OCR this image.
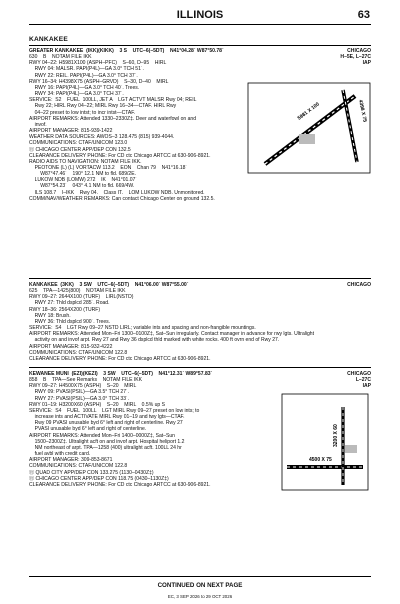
ILLINOIS	63
KANKAKEE
GREATER KANKAKEE  (IKK)(KIKK)    3 S    UTC–6(–5DT)    N41°04.28´ W87°50.78´	CHICAGO
H–5E, L–27C
IAP
630    B    NOTAM FILE IKK
RWY 04–22: H5981X100 (ASPH–PFC)    S–60, D–95    HIRL
RWY 04: MALSR. PAPI(P4L)—GA 3.0° TCH 51´.
RWY 22: REIL. PAPI(P4L)—GA 3.0° TCH 37´.
RWY 16–34: H4398X75 (ASPH–GRVD)    S–30, D–40    MIRL
RWY 16: PAPI(P4L)—GA 3.0° TCH 40´. Trees.
RWY 34: PAPI(P4L)—GA 3.0° TCH 37´.
SERVICE:  S2    FUEL  100LL, JET A    LGT ACTVT MALSR Rwy 04; REIL
Rwy 22; HIRL Rwy 04–22; MIRL Rwy 16–34—CTAF. HIRL Rwy
04–22 preset to low intst; to incr intst—CTAF.
AIRPORT REMARKS: Attended 1330–2330Z‡. Deer and waterfowl on and
invof.
AIRPORT MANAGER: 815-939-1422
WEATHER DATA SOURCES: AWOS–3 128.475 (815) 939-4044.
COMMUNICATIONS: CTAF/UNICOM 123.0
Ⓡ CHICAGO CENTER APP/DEP CON 132.5
CLEARANCE DELIVERY PHONE: For CD ctc Chicago ARTCC at 630-906-8921.
RADIO AIDS TO NAVIGATION: NOTAM FILE IKK.
PEOTONE (L) (L) VORTACW 113.2    EON    Chan 79    N41°16.18´
W87°47.46´    190° 12.1 NM to fld. 689/2E.
LUKOW NDB (LOMW) 272    IK    N41°01.07´
W87°54.23´    043° 4.1 NM to fld. 669/4W.
ILS 108.7    I–IKK    Rwy 04.    Class IT.    LOM LUKOW NDB. Unmonitored.
COMM/NAV/WEATHER REMARKS: Can contact Chicago Center on ground 132.5.
5981 X 100	4398 X 75
KANKAKEE  (3KK)    3 SW    UTC–6(–5DT)    N41°06.00´ W87°55.00´	CHICAGO
625    TPA—1425(800)    NOTAM FILE IKK
RWY 09–27: 2644X100 (TURF)    LIRL(NSTD)
RWY 27: Thld dsplcd 285´. Road.
RWY 18–36: 2564X200 (TURF)
RWY 18: Brush.
RWY 36: Thld dsplcd 900´. Trees.
SERVICE:  S4    LGT Rwy 09–27 NSTD LIRL; variable ints and spacing and non-frangible mountings.
AIRPORT REMARKS: Attended Mon–Fri 1300–0100Z‡, Sat–Sun irregularly. Contact manager in advance for rwy lgts. Ultralight
activity on and invof arpt. Rwy 27 and Rwy 36 dsplcd thld marked with white rocks. 400 ft ovrn end of Rwy 27.
AIRPORT MANAGER: 815-932-4222
COMMUNICATIONS: CTAF/UNICOM 122.8
CLEARANCE DELIVERY PHONE: For CD ctc Chicago ARTCC at 630-906-8921.
KEWANEE MUNI  (EZI)(KEZI)    3 SW    UTC–6(–5DT)    N41°12.31´ W89°57.83´	CHICAGO
L–27C
IAP
858    B    TPA—See Remarks    NOTAM FILE IKK
RWY 09–27: H4500X75 (ASPH)    S–20    MIRL
RWY 09: PVASI(PSIL)—GA 3.5° TCH 27´.
RWY 27: PVASI(PSIL)—GA 3.0° TCH 33´.
RWY 01–19: H3200X60 (ASPH)    S–20    MIRL    0.5% up S
SERVICE:  S4    FUEL  100LL    LGT MIRL Rwy 09–27 preset on low ints; to
increase ints and ACTIVATE MIRL Rwy 01–19 and twy lgts—CTAF.
Rwy 09 PVASI unusable byd 6° left and right of centerline. Rwy 27
PVASI unusable byd 6° left and right of centerline.
AIRPORT REMARKS: Attended Mon–Fri 1400–0000Z‡, Sat–Sun
1500–2300Z‡. Ultralight acft on and invof arpt. Hospital heliport 1.2
NM northeast of arpt. TPA—1258 (400) ultralight acft. 100LL 24 hr
fuel avbl with credit card.
AIRPORT MANAGER: 309-853-8671
COMMUNICATIONS: CTAF/UNICOM 122.8
Ⓡ QUAD CITY APP/DEP CON 133.275 (1130–0430Z‡)
Ⓡ CHICAGO CENTER APP/DEP CON 118.75 (0430–1130Z‡)
CLEARANCE DELIVERY PHONE: For CD ctc Chicago ARTCC at 630-906-8921.
4500 X 75
3200 X 60
CONTINUED ON NEXT PAGE
EC, 3 SEP 2026 to 29 OCT 2026
